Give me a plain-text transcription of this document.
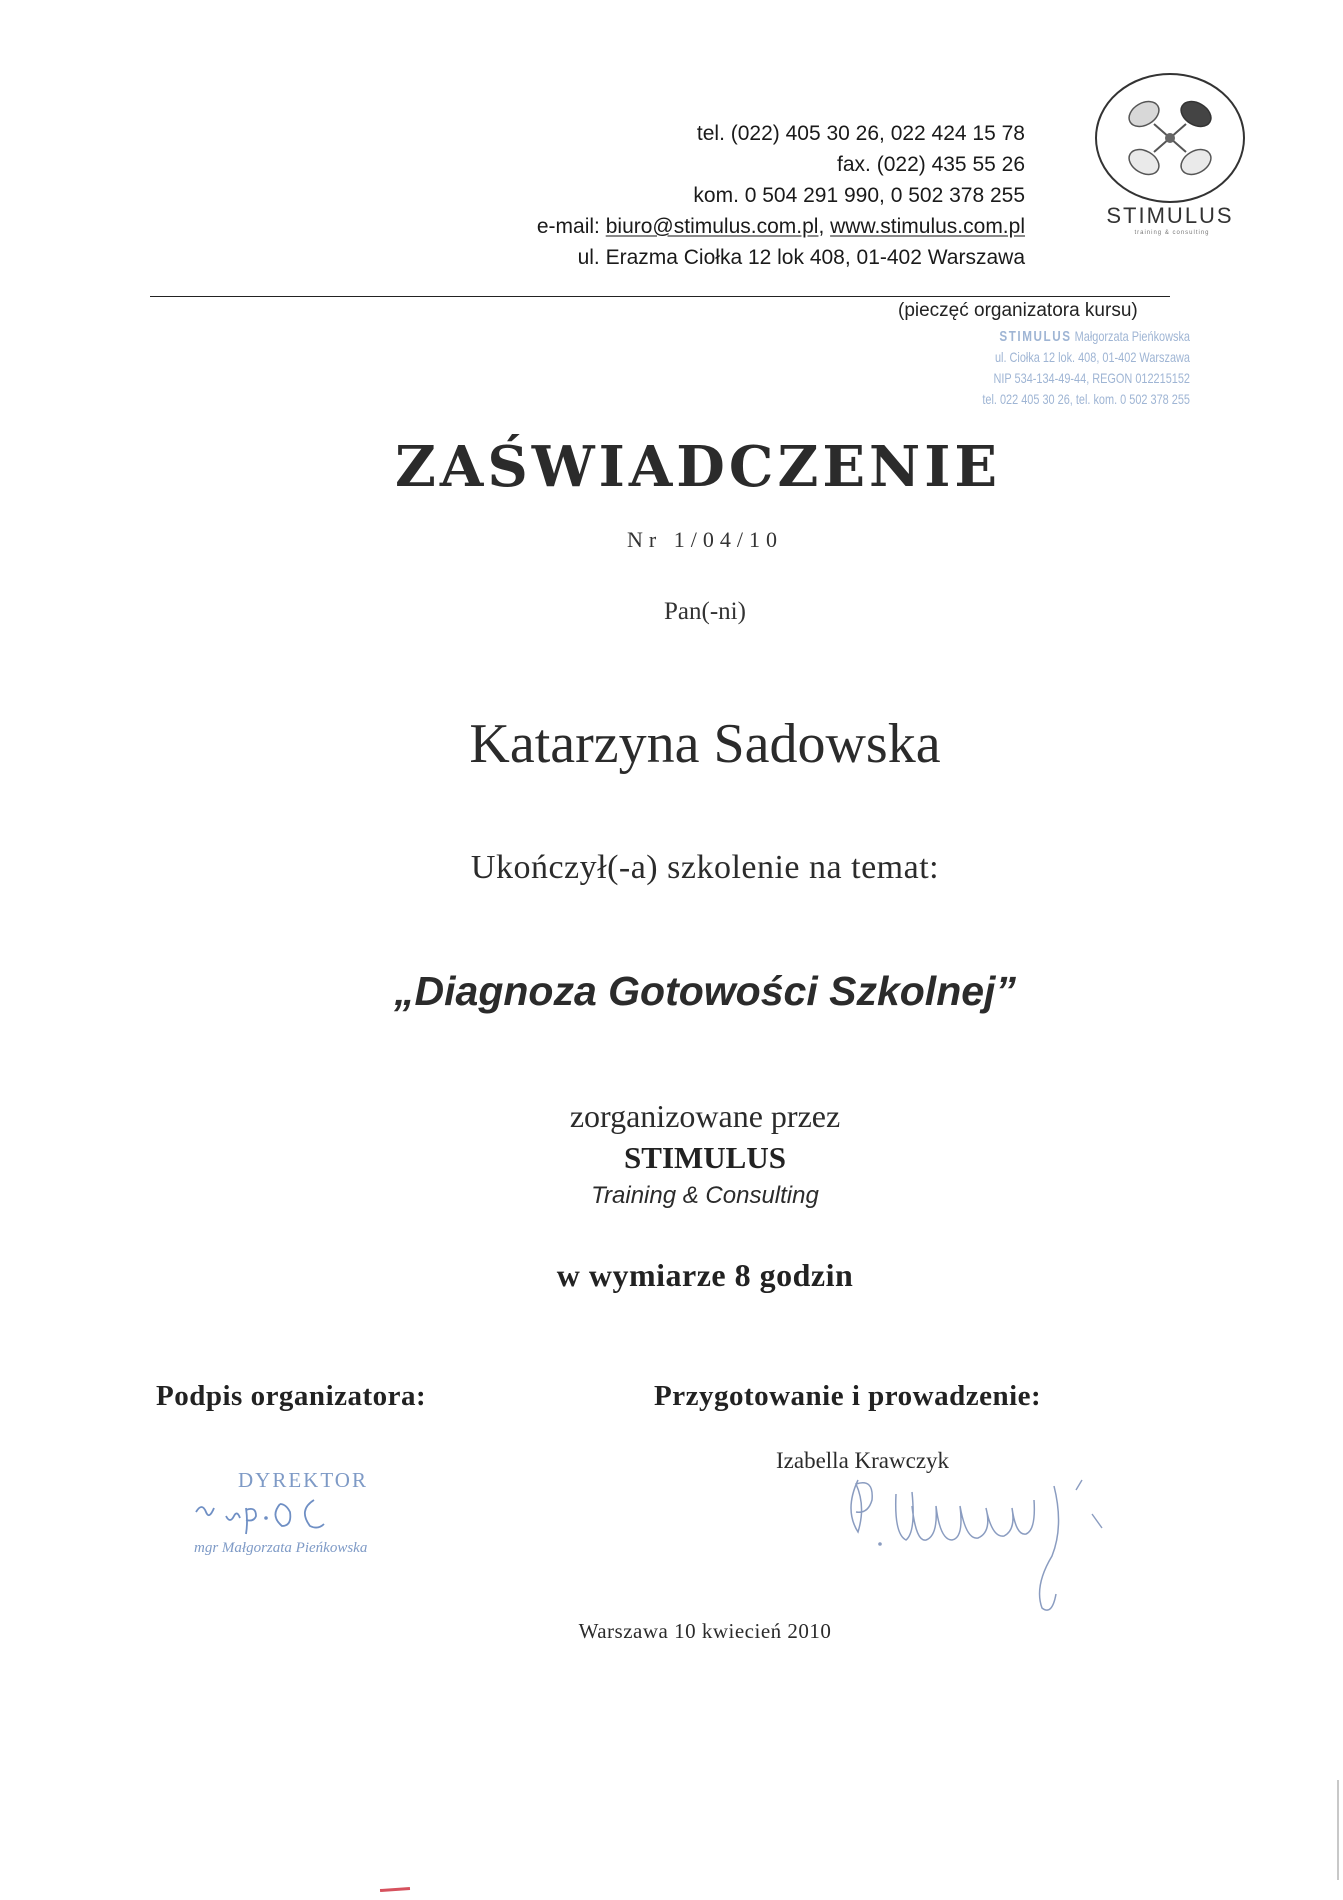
tel. (022) 405 30 26, 022 424 15 78
fax. (022) 435 55 26
kom. 0 504 291 990, 0 502 378 255
e-mail: biuro@stimulus.com.pl, www.stimulus.com.pl
ul. Erazma Ciołka 12 lok 408, 01-402 Warszawa
STIMULUS
training & consulting
(pieczęć organizatora kursu)
STIMULUS Małgorzata Pieńkowska
ul. Ciołka 12 lok. 408, 01-402 Warszawa
NIP 534-134-49-44, REGON 012215152
tel. 022 405 30 26, tel. kom. 0 502 378 255
ZAŚWIADCZENIE
Nr 1/04/10
Pan(-ni)
Katarzyna Sadowska
Ukończył(-a) szkolenie na temat:
„Diagnoza Gotowości Szkolnej”
zorganizowane przez
STIMULUS
Training & Consulting
w wymiarze 8 godzin
Podpis organizatora:	Przygotowanie i prowadzenie:
DYREKTOR
mgr Małgorzata Pieńkowska
Izabella Krawczyk
Warszawa 10 kwiecień 2010
